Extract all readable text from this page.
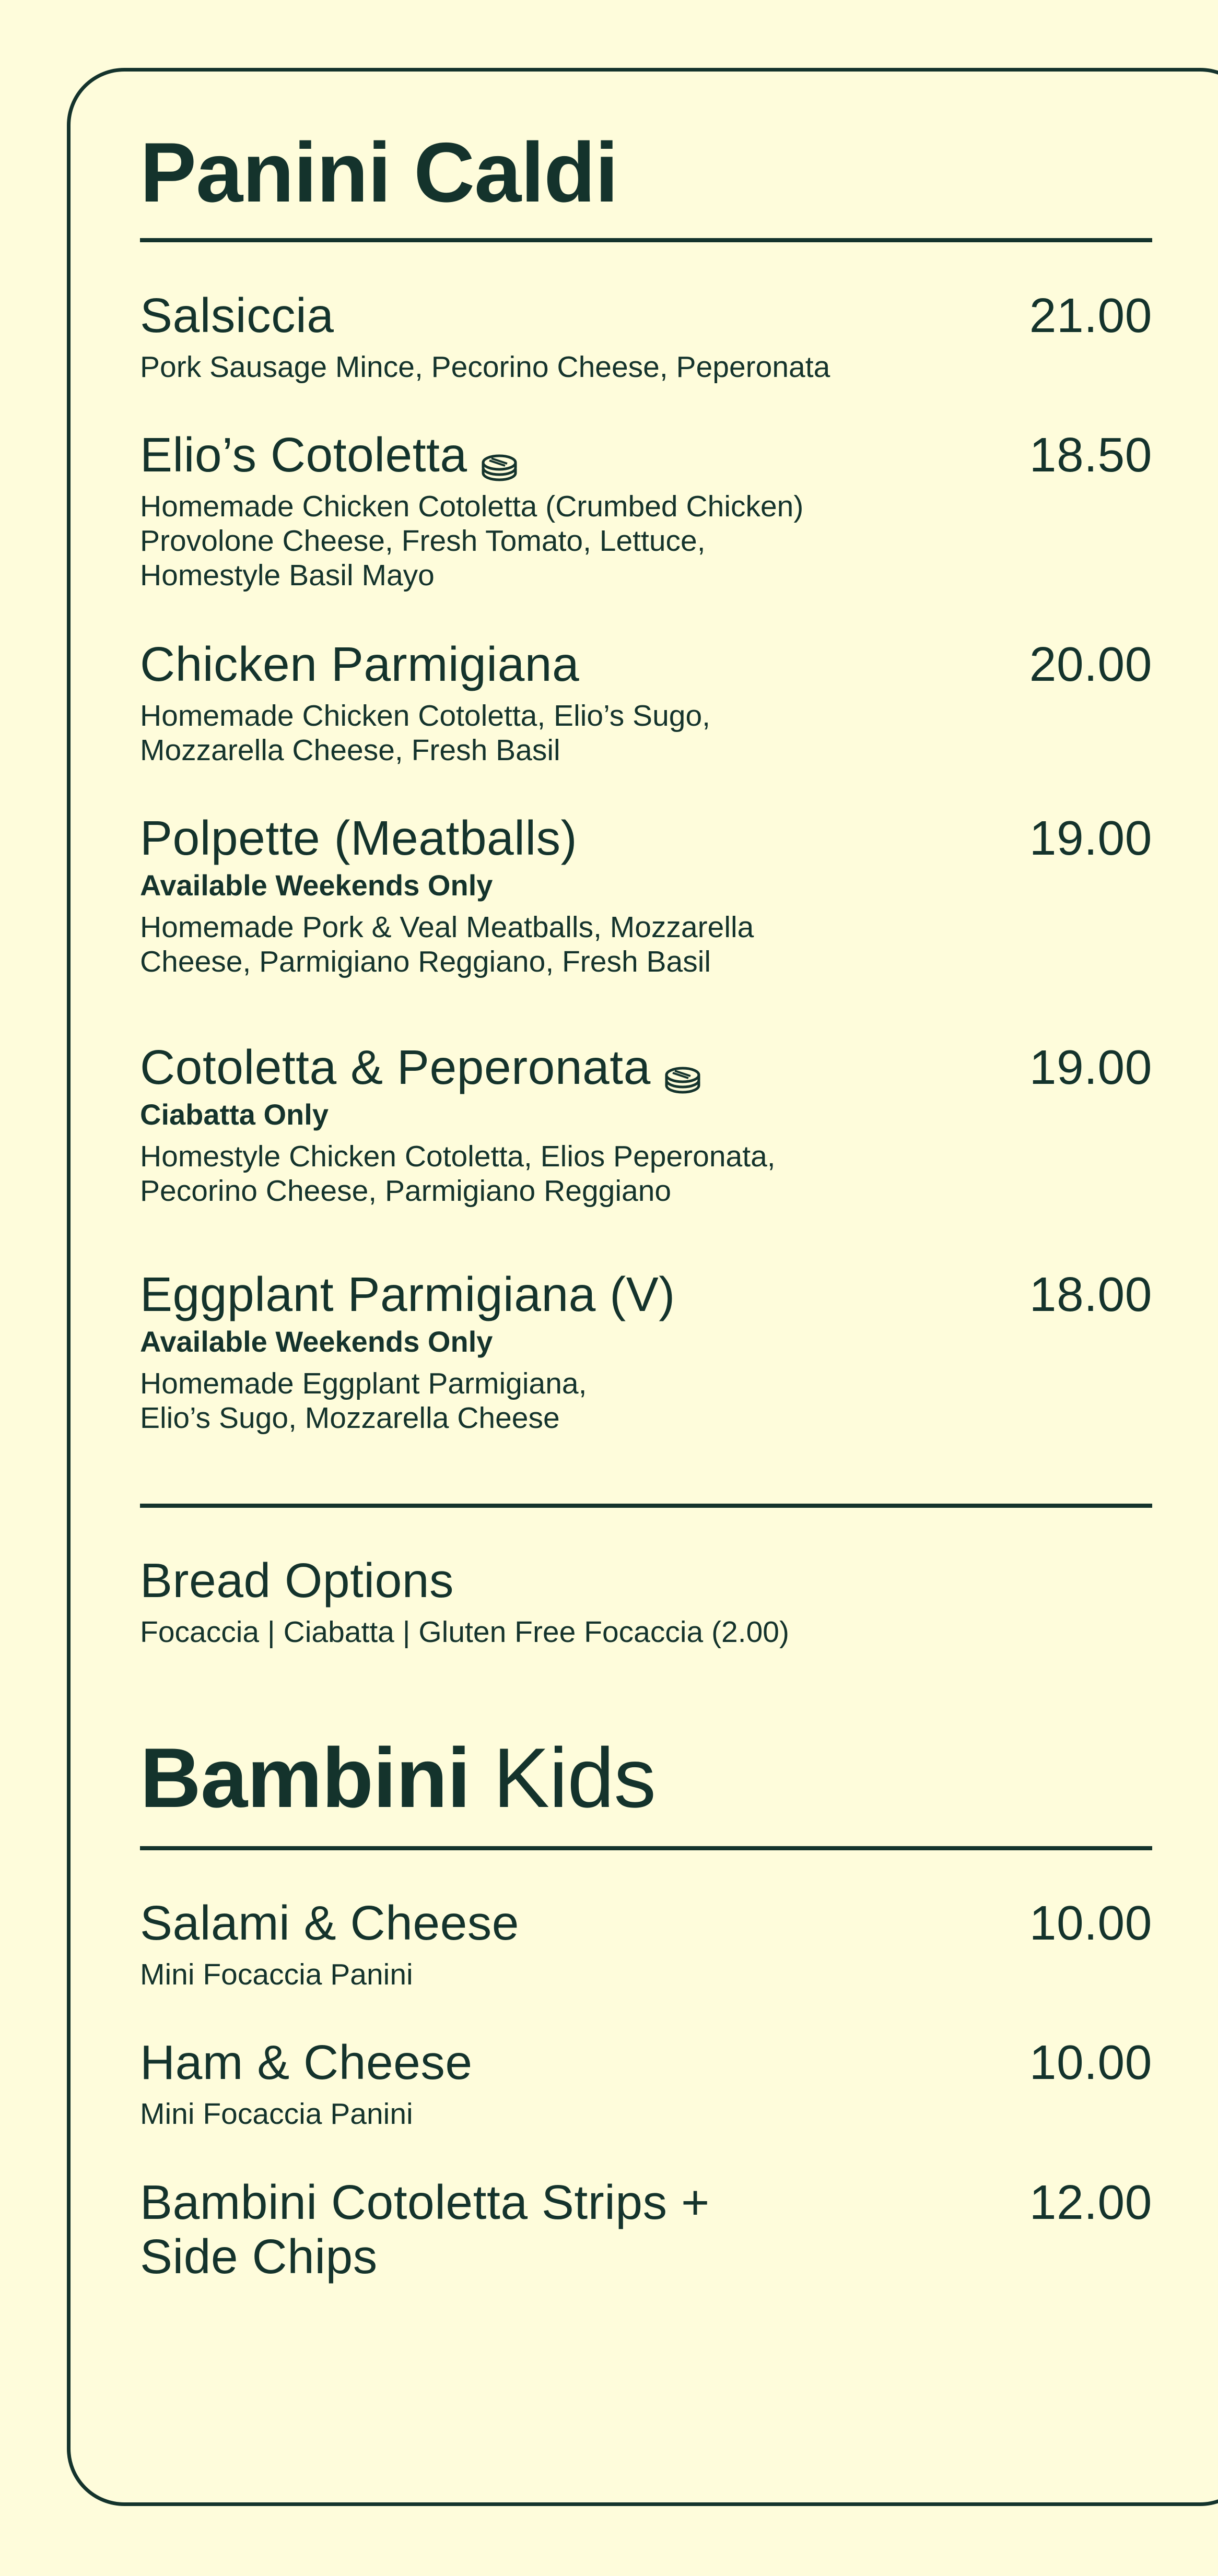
Panini Caldi
Salsiccia	21.00
Pork Sausage Mince, Pecorino Cheese, Peperonata
Elio’s Cotoletta	18.50
Homemade Chicken Cotoletta (Crumbed Chicken)
Provolone Cheese, Fresh Tomato, Lettuce,
Homestyle Basil Mayo
Chicken Parmigiana	20.00
Homemade Chicken Cotoletta, Elio’s Sugo,
Mozzarella Cheese, Fresh Basil
Polpette (Meatballs)	19.00
Available Weekends Only
Homemade Pork & Veal Meatballs, Mozzarella
Cheese, Parmigiano Reggiano, Fresh Basil
Cotoletta & Peperonata	19.00
Ciabatta Only
Homestyle Chicken Cotoletta, Elios Peperonata,
Pecorino Cheese, Parmigiano Reggiano
Eggplant Parmigiana (V)	18.00
Available Weekends Only
Homemade Eggplant Parmigiana,
Elio’s Sugo, Mozzarella Cheese
Bread Options
Focaccia | Ciabatta | Gluten Free Focaccia (2.00)
Bambini Kids
Salami & Cheese	10.00
Mini Focaccia Panini
Ham & Cheese	10.00
Mini Focaccia Panini
Bambini Cotoletta Strips + Side Chips
12.00
